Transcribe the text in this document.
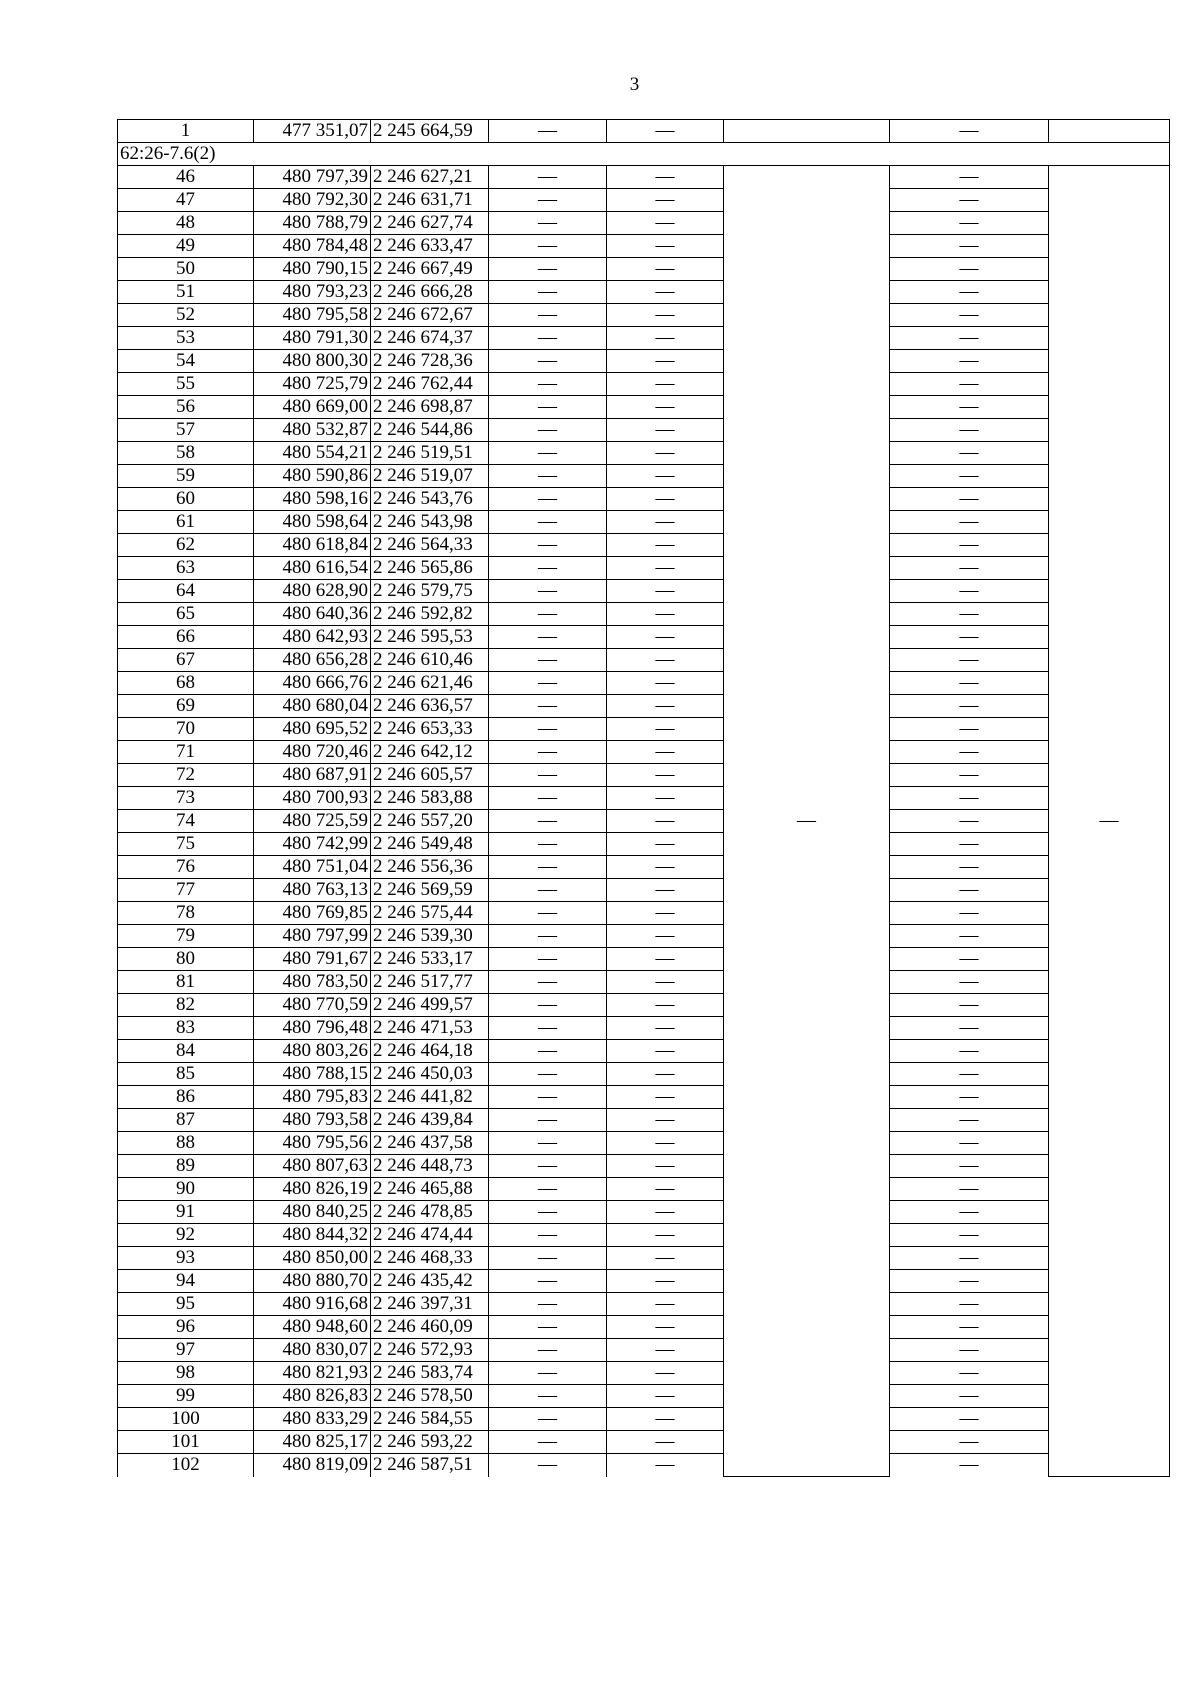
3
1	477 351,07	2 245 664,59	—	—		—	
62:26-7.6(2)							
46	480 797,39	2 246 627,21	—	—	—	—	—
47	480 792,30	2 246 631,71	—	—		—	
48	480 788,79	2 246 627,74	—	—		—	
49	480 784,48	2 246 633,47	—	—		—	
50	480 790,15	2 246 667,49	—	—		—	
51	480 793,23	2 246 666,28	—	—		—	
52	480 795,58	2 246 672,67	—	—		—	
53	480 791,30	2 246 674,37	—	—		—	
54	480 800,30	2 246 728,36	—	—		—	
55	480 725,79	2 246 762,44	—	—		—	
56	480 669,00	2 246 698,87	—	—		—	
57	480 532,87	2 246 544,86	—	—		—	
58	480 554,21	2 246 519,51	—	—		—	
59	480 590,86	2 246 519,07	—	—		—	
60	480 598,16	2 246 543,76	—	—		—	
61	480 598,64	2 246 543,98	—	—		—	
62	480 618,84	2 246 564,33	—	—		—	
63	480 616,54	2 246 565,86	—	—		—	
64	480 628,90	2 246 579,75	—	—		—	
65	480 640,36	2 246 592,82	—	—		—	
66	480 642,93	2 246 595,53	—	—		—	
67	480 656,28	2 246 610,46	—	—		—	
68	480 666,76	2 246 621,46	—	—		—	
69	480 680,04	2 246 636,57	—	—		—	
70	480 695,52	2 246 653,33	—	—		—	
71	480 720,46	2 246 642,12	—	—		—	
72	480 687,91	2 246 605,57	—	—		—	
73	480 700,93	2 246 583,88	—	—		—	
74	480 725,59	2 246 557,20	—	—		—	
75	480 742,99	2 246 549,48	—	—		—	
76	480 751,04	2 246 556,36	—	—		—	
77	480 763,13	2 246 569,59	—	—		—	
78	480 769,85	2 246 575,44	—	—		—	
79	480 797,99	2 246 539,30	—	—		—	
80	480 791,67	2 246 533,17	—	—		—	
81	480 783,50	2 246 517,77	—	—		—	
82	480 770,59	2 246 499,57	—	—		—	
83	480 796,48	2 246 471,53	—	—		—	
84	480 803,26	2 246 464,18	—	—		—	
85	480 788,15	2 246 450,03	—	—		—	
86	480 795,83	2 246 441,82	—	—		—	
87	480 793,58	2 246 439,84	—	—		—	
88	480 795,56	2 246 437,58	—	—		—	
89	480 807,63	2 246 448,73	—	—		—	
90	480 826,19	2 246 465,88	—	—		—	
91	480 840,25	2 246 478,85	—	—		—	
92	480 844,32	2 246 474,44	—	—		—	
93	480 850,00	2 246 468,33	—	—		—	
94	480 880,70	2 246 435,42	—	—		—	
95	480 916,68	2 246 397,31	—	—		—	
96	480 948,60	2 246 460,09	—	—		—	
97	480 830,07	2 246 572,93	—	—		—	
98	480 821,93	2 246 583,74	—	—		—	
99	480 826,83	2 246 578,50	—	—		—	
100	480 833,29	2 246 584,55	—	—		—	
101	480 825,17	2 246 593,22	—	—		—	
102	480 819,09	2 246 587,51	—	—		—	
